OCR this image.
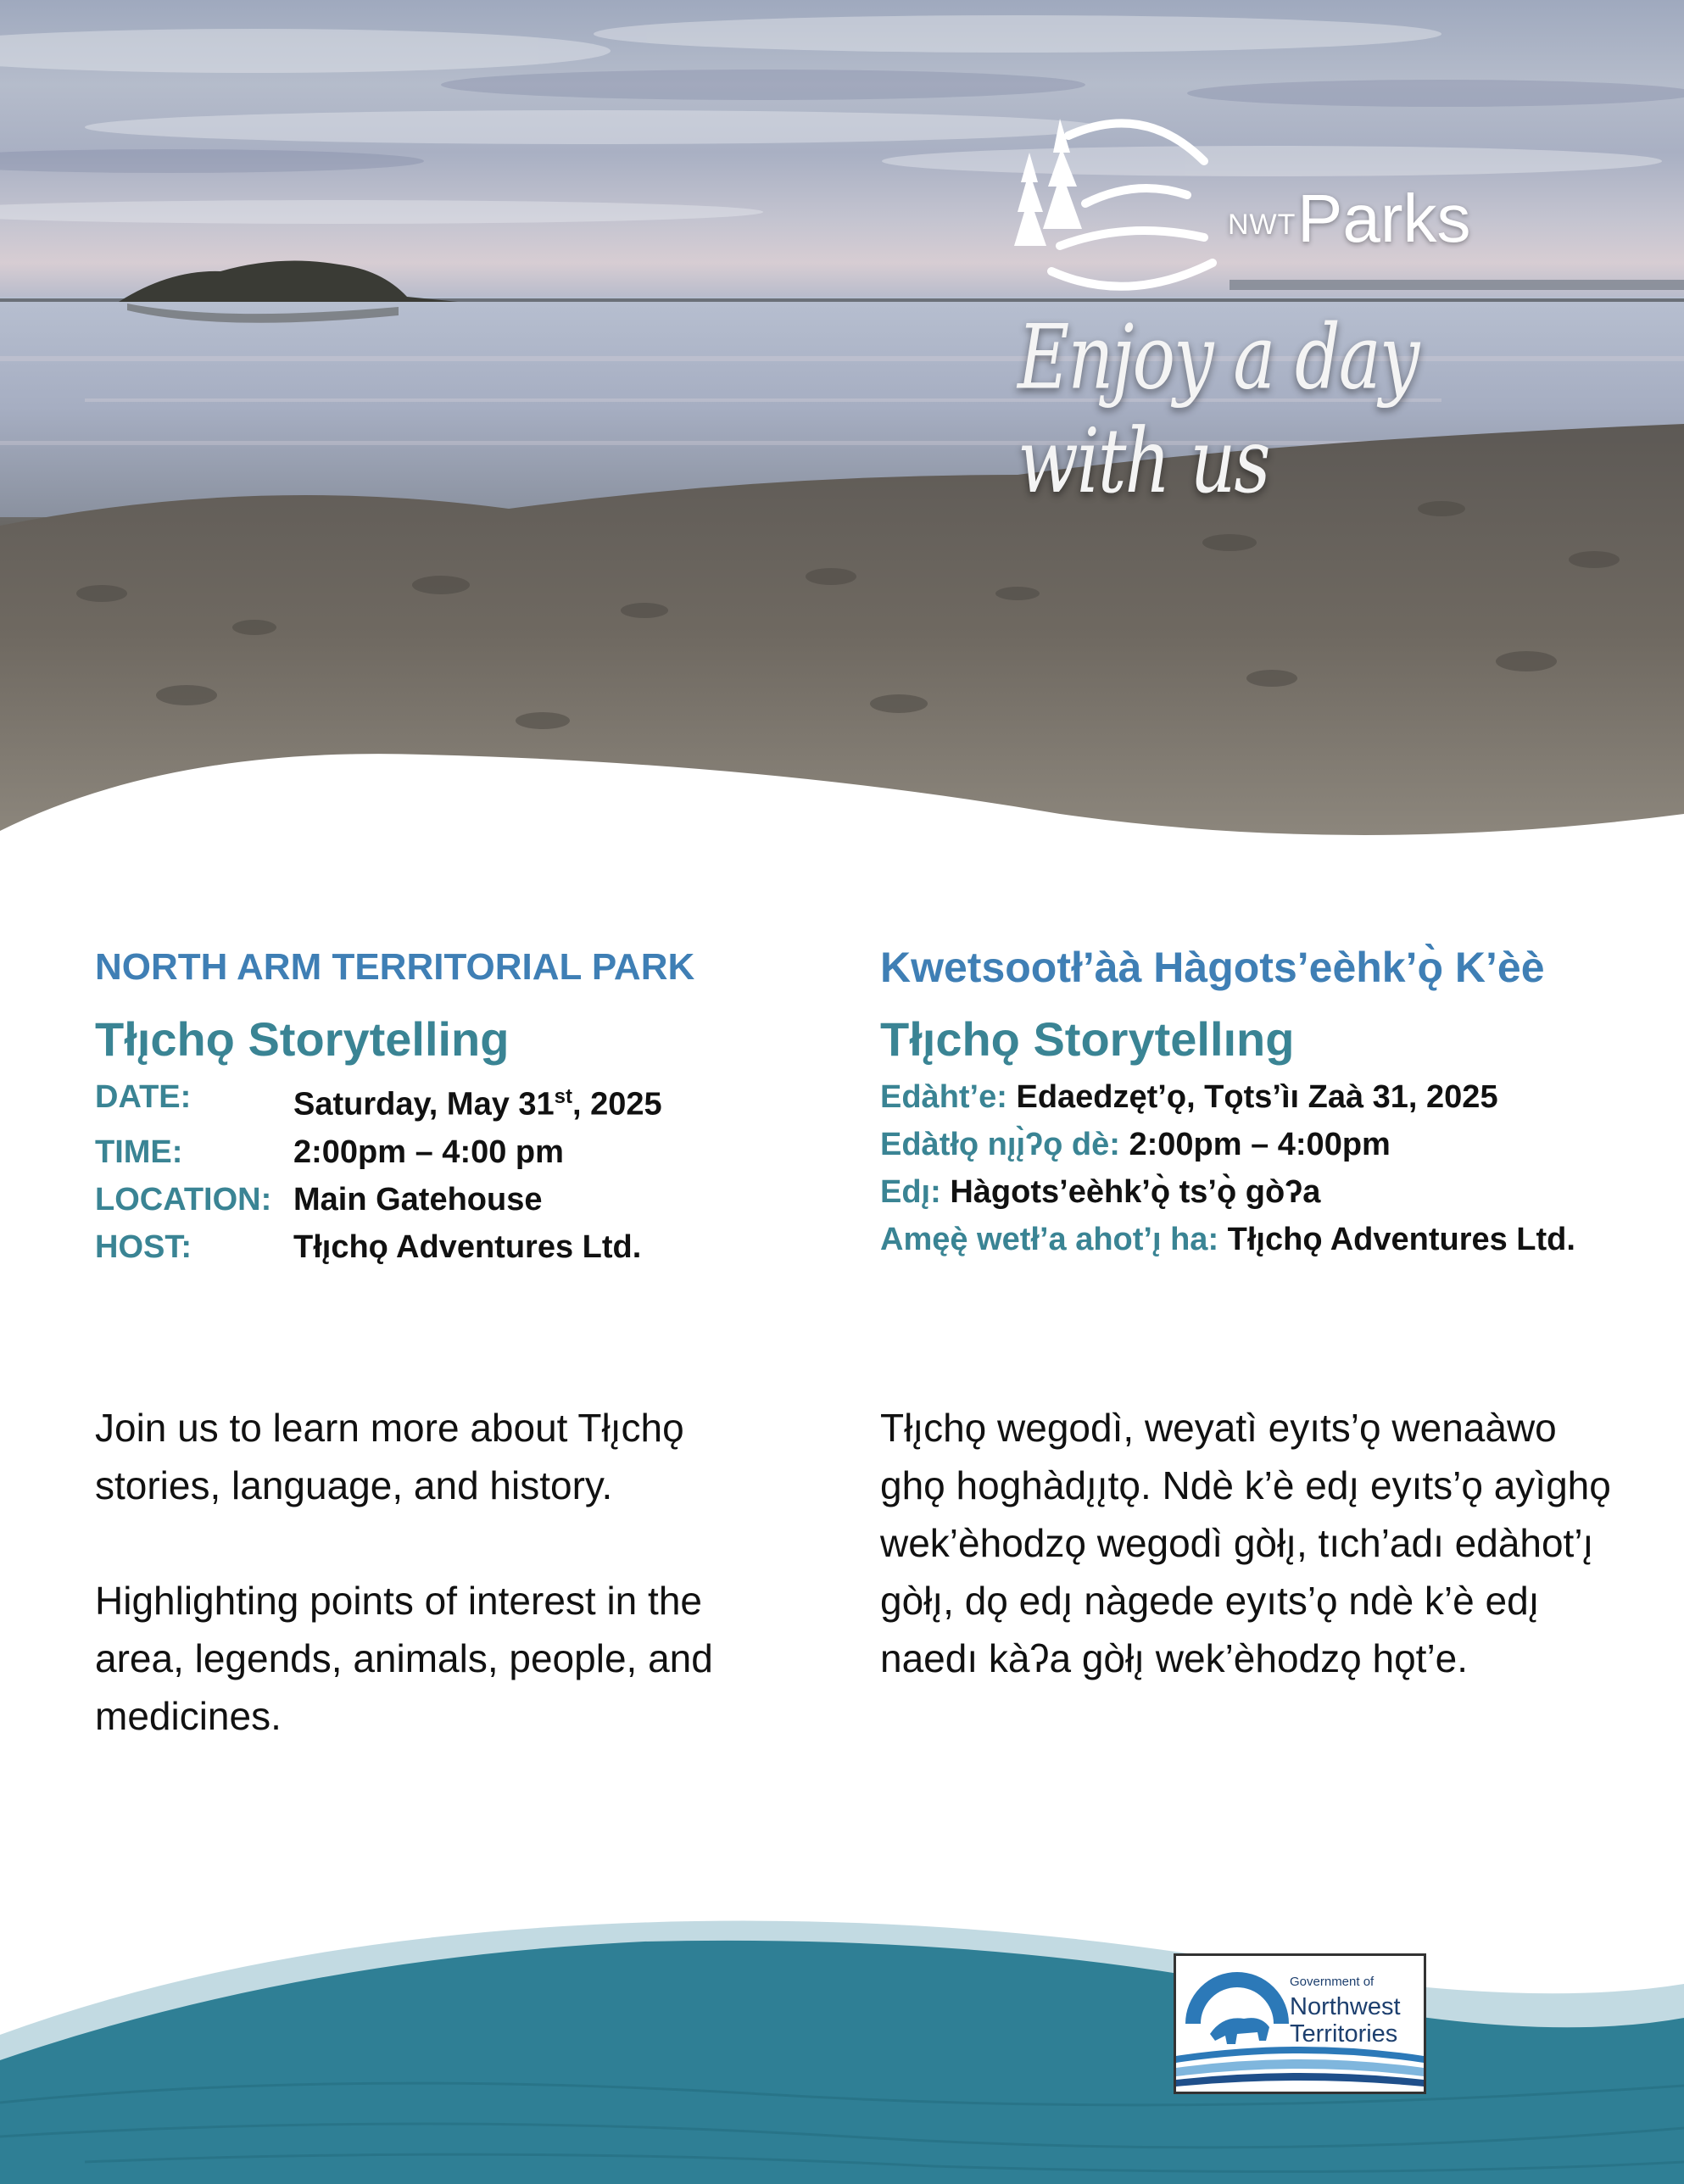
NWT Parks
Enjoy a day with us
NORTH ARM TERRITORIAL PARK
Tłı̨chǫ Storytelling
DATE:	Saturday, May 31st, 2025
TIME:	2:00pm – 4:00 pm
LOCATION: Main Gatehouse
HOST:	Tłı̨chǫ Adventures Ltd.

Join us to learn more about Tłı̨chǫ stories, language, and history.

Highlighting points of interest in the area, legends, animals, people, and medicines.

Kwetsootł’àà Hàgots’eèhk’ǫ̀ K’èè
Tłı̨chǫ Storytellıng
Edàht’e: Edaedzęt’ǫ, Tǫts’ìı Zaà 31, 2025
Edàtłǫ nı̨ı̨̀ʔǫ dè: 2:00pm – 4:00pm
Edı̨: Hàgots’eèhk’ǫ̀ ts’ǫ̀ gòʔa
Amęę̀ wetł’a ahot’ı̨ ha: Tłı̨chǫ Adventures Ltd.

Tłı̨chǫ wegodì, weyatì eyıts’ǫ wenaàwo ghǫ hoghàdı̨ı̨tǫ. Ndè k’è edı̨ eyıts’ǫ ayìghǫ wek’èhodzǫ wegodì gòłı̨, tıch’adı edàhot’ı̨ gòłı̨, dǫ edı̨ nàgede eyıts’ǫ ndè k’è edı̨ naedı kàʔa gòłı̨ wek’èhodzǫ hǫt’e.

Government of
Northwest
Territories
